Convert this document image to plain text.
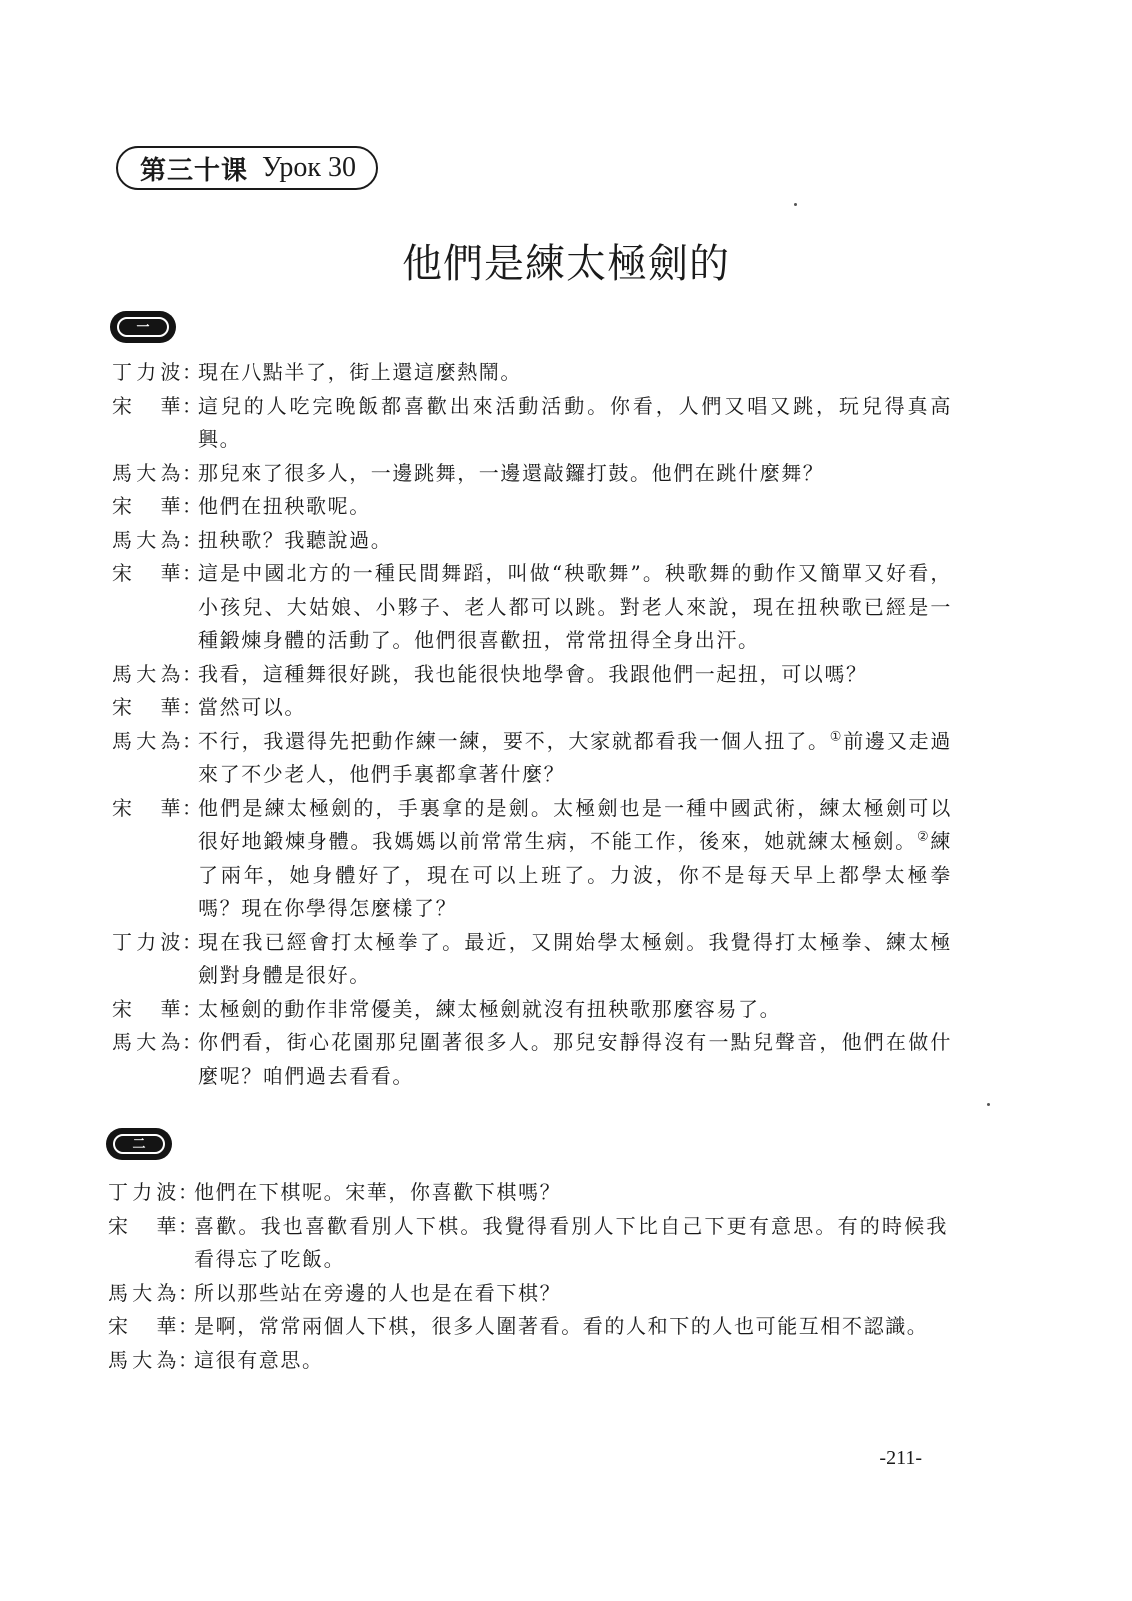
第三十课 Урок 30
他們是練太極劍的
一
丁 力 波 ：
現在八點半了，街上還這麼熱鬧。
宋
　 華 ：
這兒的人吃完晚飯都喜歡出來活動活動。你看，人們又唱又跳，玩兒得真高興。
馬 大 為 ：
那兒來了很多人，一邊跳舞，一邊還敲鑼打鼓。他們在跳什麼舞？
宋
　 華 ：
他們在扭秧歌呢。
馬 大 為 ：
扭秧歌？我聽說過。
宋
　 華 ：
這是中國北方的一種民間舞蹈，叫做“秧歌舞”。秧歌舞的動作又簡單又好看，小孩兒、大姑娘、小夥子、老人都可以跳。對老人來說，現在扭秧歌已經是一種鍛煉身體的活動了。他們很喜歡扭，常常扭得全身出汗。
馬 大 為 ：
我看，這種舞很好跳，我也能很快地學會。我跟他們一起扭，可以嗎？
宋
　 華 ：
當然可以。
馬 大 為 ：
不行，我還得先把動作練一練，要不，大家就都看我一個人扭了。①前邊又走過來了不少老人，他們手裏都拿著什麼？
宋
　 華 ：
他們是練太極劍的，手裏拿的是劍。太極劍也是一種中國武術，練太極劍可以很好地鍛煉身體。我媽媽以前常常生病，不能工作，後來，她就練太極劍。②練了兩年，她身體好了，現在可以上班了。力波，你不是每天早上都學太極拳嗎？現在你學得怎麼樣了？
丁 力 波 ：
現在我已經會打太極拳了。最近，又開始學太極劍。我覺得打太極拳、練太極劍對身體是很好。
宋
　 華 ：
太極劍的動作非常優美，練太極劍就沒有扭秧歌那麼容易了。
馬 大 為 ：
你們看，街心花園那兒圍著很多人。那兒安靜得沒有一點兒聲音，他們在做什麼呢？咱們過去看看。
二
丁 力 波 ：
他們在下棋呢。宋華，你喜歡下棋嗎？
宋
　 華 ：
喜歡。我也喜歡看別人下棋。我覺得看別人下比自己下更有意思。有的時候我看得忘了吃飯。
馬 大 為 ：
所以那些站在旁邊的人也是在看下棋？
宋
　 華 ：
是啊，常常兩個人下棋，很多人圍著看。看的人和下的人也可能互相不認識。
馬 大 為 ：
這很有意思。
-211-
